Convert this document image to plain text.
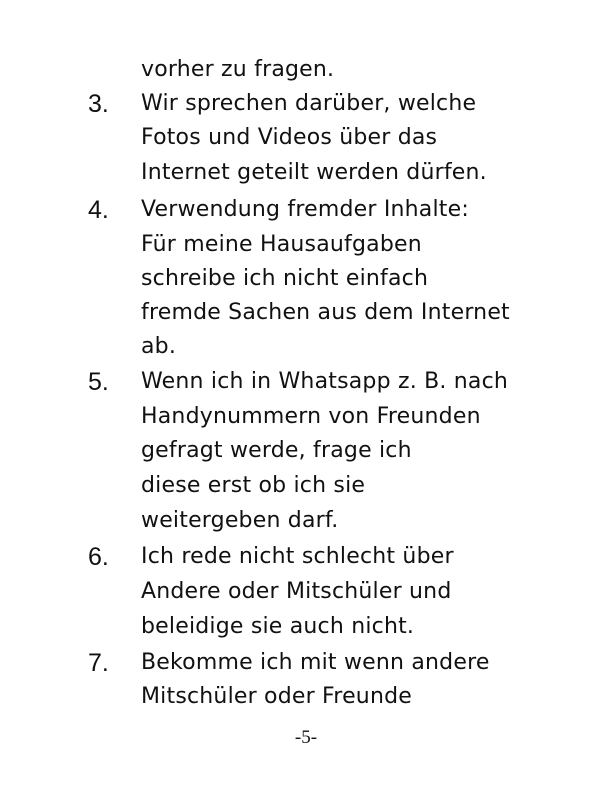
vorher zu fragen.
3. Wir sprechen darüber, welche
Fotos und Videos über das
Internet geteilt werden dürfen.
4. Verwendung fremder Inhalte:
Für meine Hausaufgaben
schreibe ich nicht einfach
fremde Sachen aus dem Internet
ab.
5. Wenn ich in Whatsapp z. B. nach
Handynummern von Freunden
gefragt werde, frage ich
diese erst ob ich sie
weitergeben darf.
6. Ich rede nicht schlecht über
Andere oder Mitschüler und
beleidige sie auch nicht.
7. Bekomme ich mit wenn andere
Mitschüler oder Freunde
-5-
